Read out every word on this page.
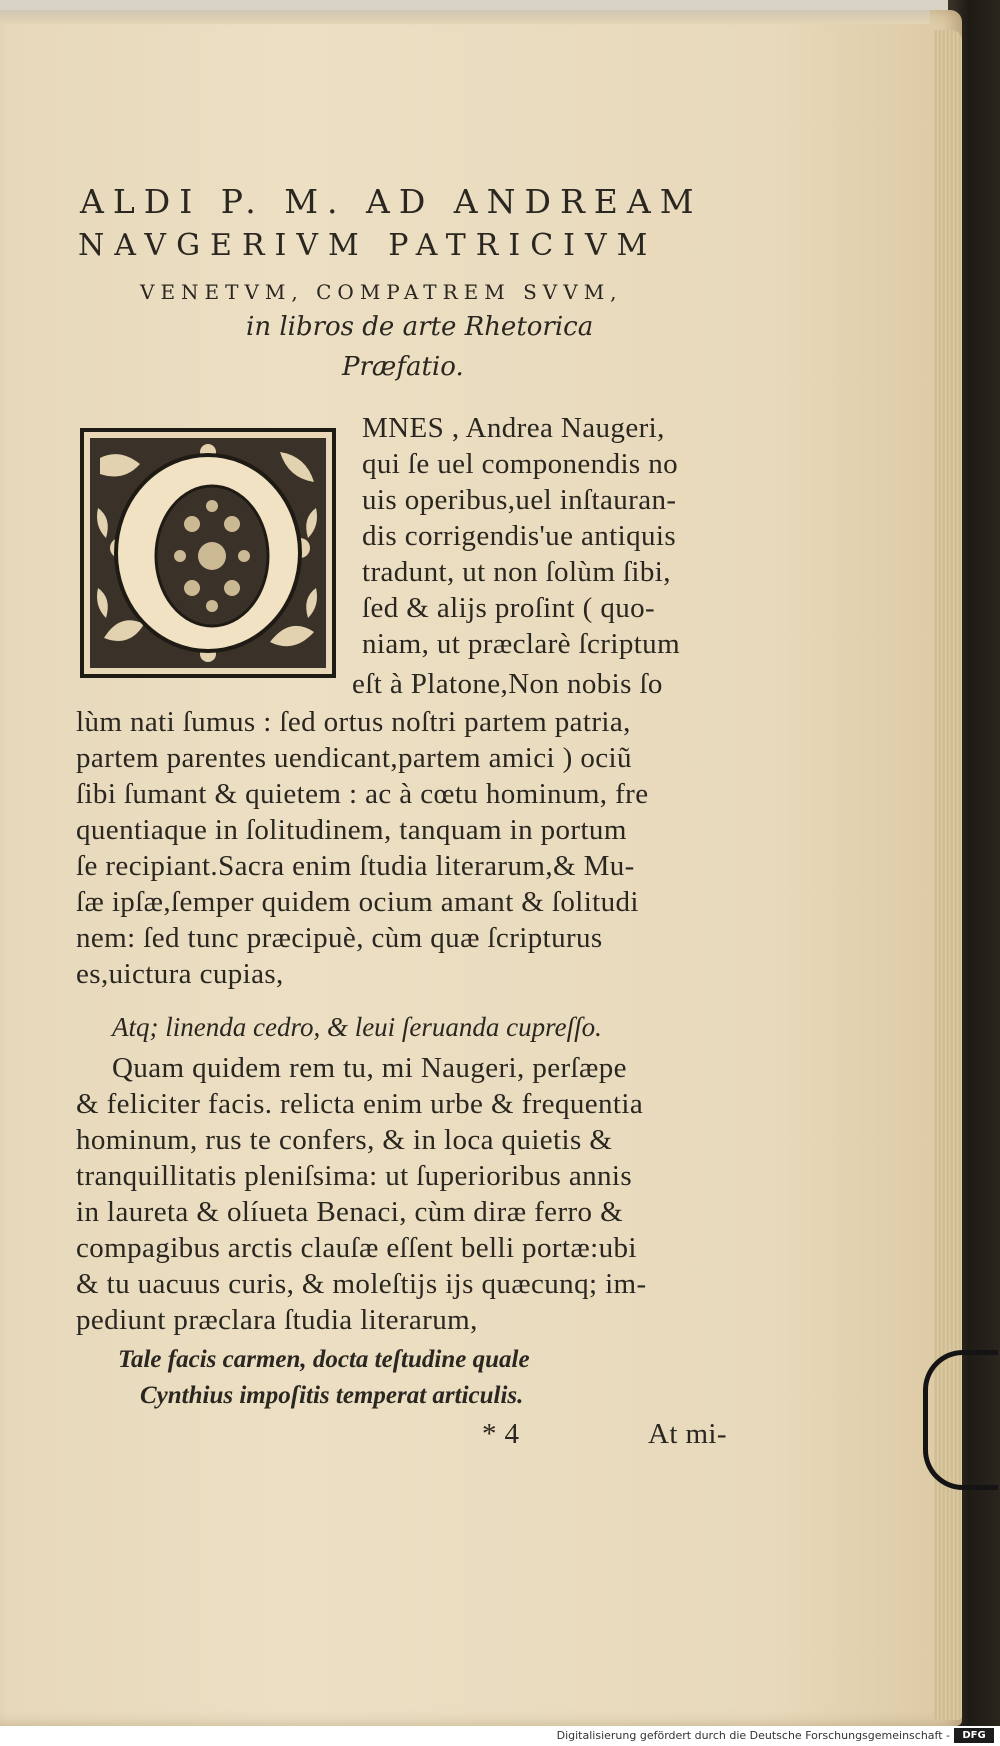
ALDI P. M. AD ANDREAM
NAVGERIVM PATRICIVM
VENETVM, COMPATREM SVVM,
in libros de arte Rhetorica
Præfatio.
MNES , Andrea Naugeri,
qui ſe uel componendis no
uis operibus,uel inſtauran-
dis corrigendis'ue antiquis
tradunt, ut non ſolùm ſibi,
ſed & alijs proſint ( quo-
niam, ut præclarè ſcriptum
eſt à Platone,Non nobis ſo
lùm nati ſumus : ſed ortus noſtri partem patria,
partem parentes uendicant,partem amici ) ociũ
ſibi ſumant & quietem : ac à cœtu hominum, fre
quentiaque in ſolitudinem, tanquam in portum
ſe recipiant.Sacra enim ſtudia literarum,& Mu-
ſæ ipſæ,ſemper quidem ocium amant & ſolitudi
nem: ſed tunc præcipuè, cùm quæ ſcripturus
es,uictura cupias,
Atq; linenda cedro, & leui ſeruanda cupreſſo.
Quam quidem rem tu, mi Naugeri, perſæpe
& feliciter facis. relicta enim urbe & frequentia
hominum, rus te confers, & in loca quietis &
tranquillitatis pleniſsima: ut ſuperioribus annis
in laureta & olíueta Benaci, cùm diræ ferro &
compagibus arctis clauſæ eſſent belli portæ:ubi
& tu uacuus curis, & moleſtijs ijs quæcunq; im-
pediunt præclara ſtudia literarum,
Tale facis carmen, docta teſtudine quale
Cynthius impoſitis temperat articulis.
* 4	At mi-
Digitalisierung gefördert durch die Deutsche Forschungsgemeinschaft -	DFG
